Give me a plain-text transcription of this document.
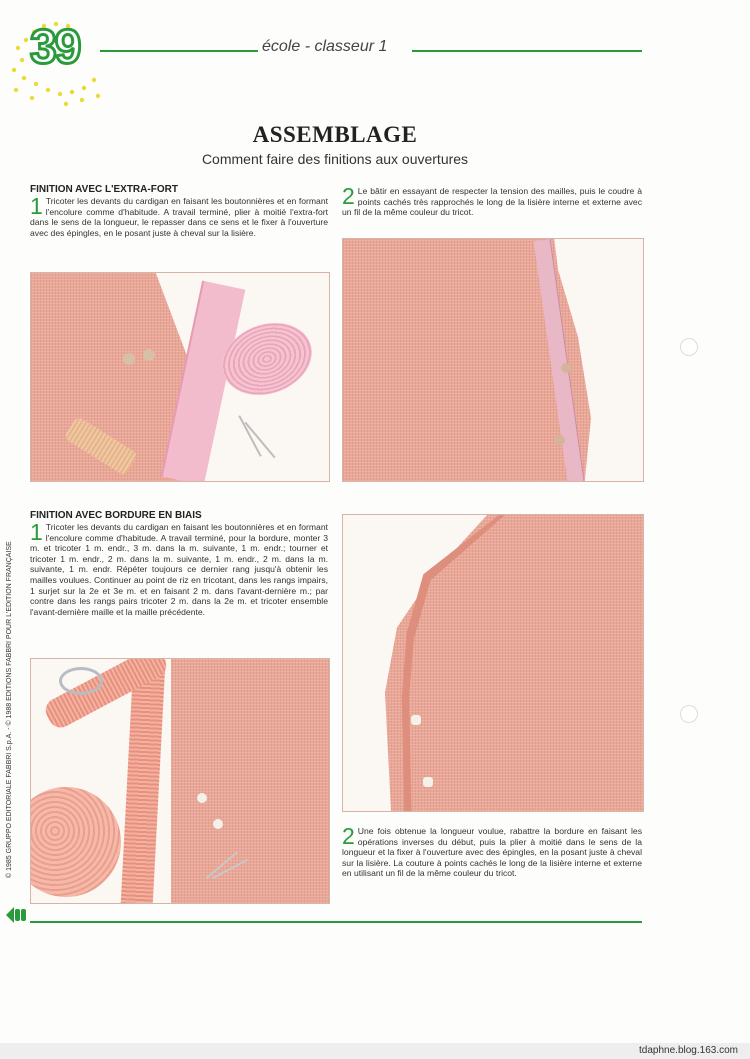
39	école - classeur 1
ASSEMBLAGE
Comment faire des finitions aux ouvertures
FINITION AVEC L'EXTRA-FORT
1 Tricoter les devants du cardigan en faisant les boutonnières et en formant l'encolure comme d'habitude. A travail terminé, plier à moitié l'extra-fort dans le sens de la longueur, le repasser dans ce sens et le fixer à l'ouverture avec des épingles, en le posant juste à cheval sur la lisière.
2 Le bâtir en essayant de respecter la tension des mailles, puis le coudre à points cachés très rapprochés le long de la lisière interne et externe avec un fil de la même couleur du tricot.
FINITION AVEC BORDURE EN BIAIS
1 Tricoter les devants du cardigan en faisant les boutonnières et en formant l'encolure comme d'habitude. A travail terminé, pour la bordure, monter 3 m. et tricoter 1 m. endr., 3 m. dans la m. suivante, 1 m. endr.; tourner et tricoter 1 m. endr., 2 m. dans la m. suivante, 1 m. endr., 2 m. dans la m. suivante, 1 m. endr. Répéter toujours ce dernier rang jusqu'à obtenir les mailles voulues. Continuer au point de riz en tricotant, dans les rangs impairs, 1 surjet sur la 2e et 3e m. et en faisant 2 m. dans l'avant-dernière m.; par contre dans les rangs pairs tricoter 2 m. dans la 2e m. et tricoter ensemble l'avant-dernière maille et la maille précédente.
2 Une fois obtenue la longueur voulue, rabattre la bordure en faisant les opérations inverses du début, puis la plier à moitié dans le sens de la longueur et la fixer à l'ouverture avec des épingles, en la posant juste à cheval sur la lisière. La couture à points cachés le long de la lisière interne et externe en utilisant un fil de la même couleur du tricot.
© 1985 GRUPPO EDITORIALE FABBRI S.p.A. - © 1988 EDITIONS FABBRI POUR L'EDITION FRANÇAISE
tdaphne.blog.163.com
